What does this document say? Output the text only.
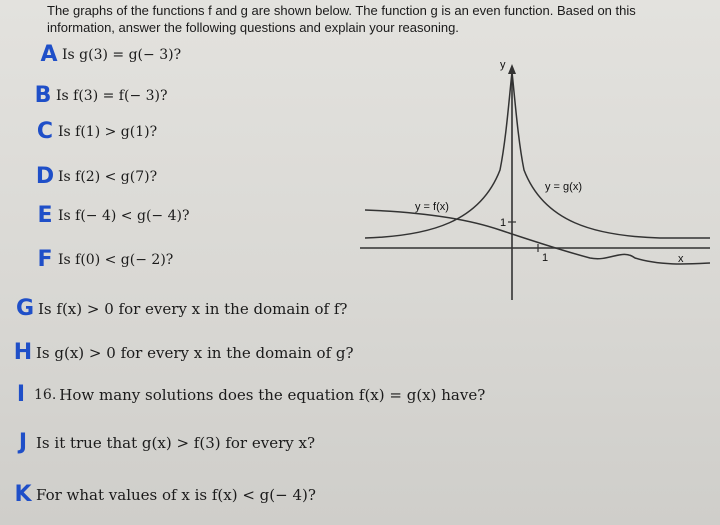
The graphs of the functions f and g are shown below. The function g is an even function. Based on this information, answer the following questions and explain your reasoning.
A Is g(3) = g(− 3)?
B Is f(3) = f(− 3)?
C Is f(1) > g(1)?
D Is f(2) < g(7)?
E Is f(− 4) < g(− 4)?
F Is f(0) < g(− 2)?
G Is f(x) > 0 for every x in the domain of f?
H Is g(x) > 0 for every x in the domain of g?
I 16. How many solutions does the equation f(x) = g(x) have?
J Is it true that g(x) > f(3) for every x?
K For what values of x is f(x) < g(− 4)?
y
x
1
1
y = g(x)
y = f(x)
